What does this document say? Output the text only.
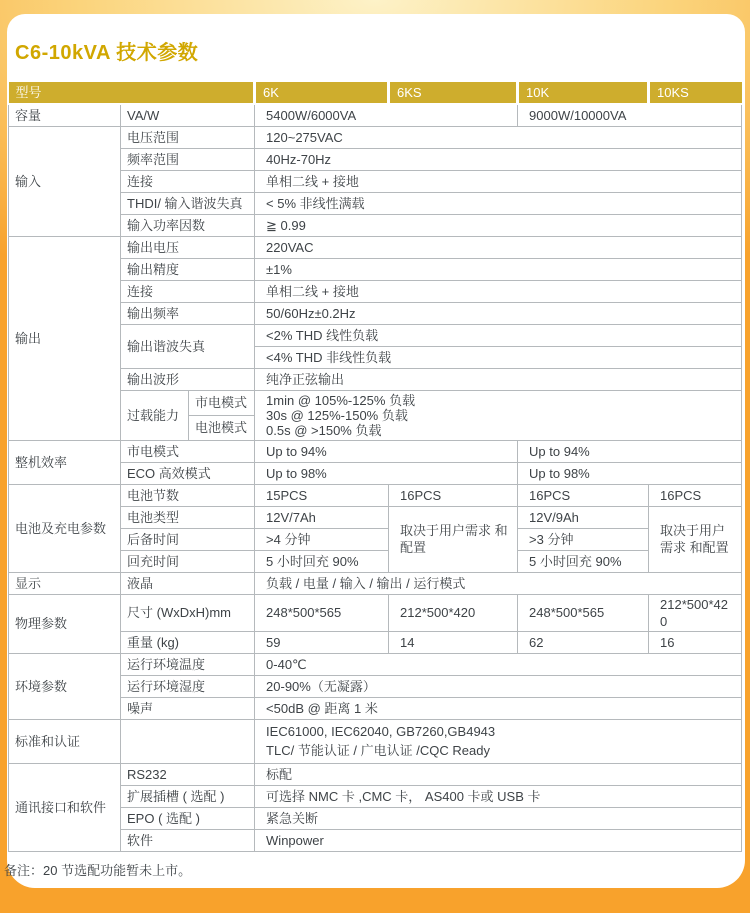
C6-10kVA 技术参数
型号			6K	6KS	10K	10KS
容量	VA/W		5400W/6000VA		9000W/10000VA	
输入	电压范围		120~275VAC			
	频率范围		40Hz-70Hz			
	连接		单相二线 + 接地			
	THDI/ 输入谐波失真		< 5% 非线性满载			
	输入功率因数		≧ 0.99			
输出	输出电压		220VAC			
	输出精度		±1%			
	连接		单相二线 + 接地			
	输出频率		50/60Hz±0.2Hz			
	输出谐波失真		<2% THD 线性负载			
			<4% THD 非线性负载			
	输出波形		纯净正弦输出			
	过载能力	市电模式	1min @ 105%-125% 负载
30s @ 125%-150% 负载
0.5s @ >150% 负载			

		电池模式				
整机效率	市电模式		Up to 94%		Up to 94%	
	ECO 高效模式		Up to 98%		Up to 98%	
电池及充电参数	电池节数		15PCS	16PCS	16PCS	16PCS
	电池类型		12V/7Ah	取决于用户需求 和配置	12V/9Ah	取决于用户需求 和配置
	后备时间		>4 分钟		>3 分钟	
	回充时间		5 小时回充 90%		5 小时回充 90%	
显示	液晶		负载 / 电量 / 输入 / 输出 / 运行模式			
物理参数	尺寸 (WxDxH)mm		248*500*565	212*500*420	248*500*565	212*500*420
	重量 (kg)		59	14	62	16
环境参数	运行环境温度		0-40℃			
	运行环境湿度		20-90%（无凝露）			
	噪声		<50dB @ 距离 1 米			
标准和认证			IEC61000, IEC62040, GB7260,GB4943
TLC/ 节能认证 / 广电认证 /CQC Ready			

通讯接口和软件	RS232		标配			
	扩展插槽 ( 选配 )		可选择 NMC 卡 ,CMC 卡， AS400 卡或 USB 卡			
	EPO ( 选配 )		紧急关断			
	软件		Winpower			
备注：20 节选配功能暂未上市。
